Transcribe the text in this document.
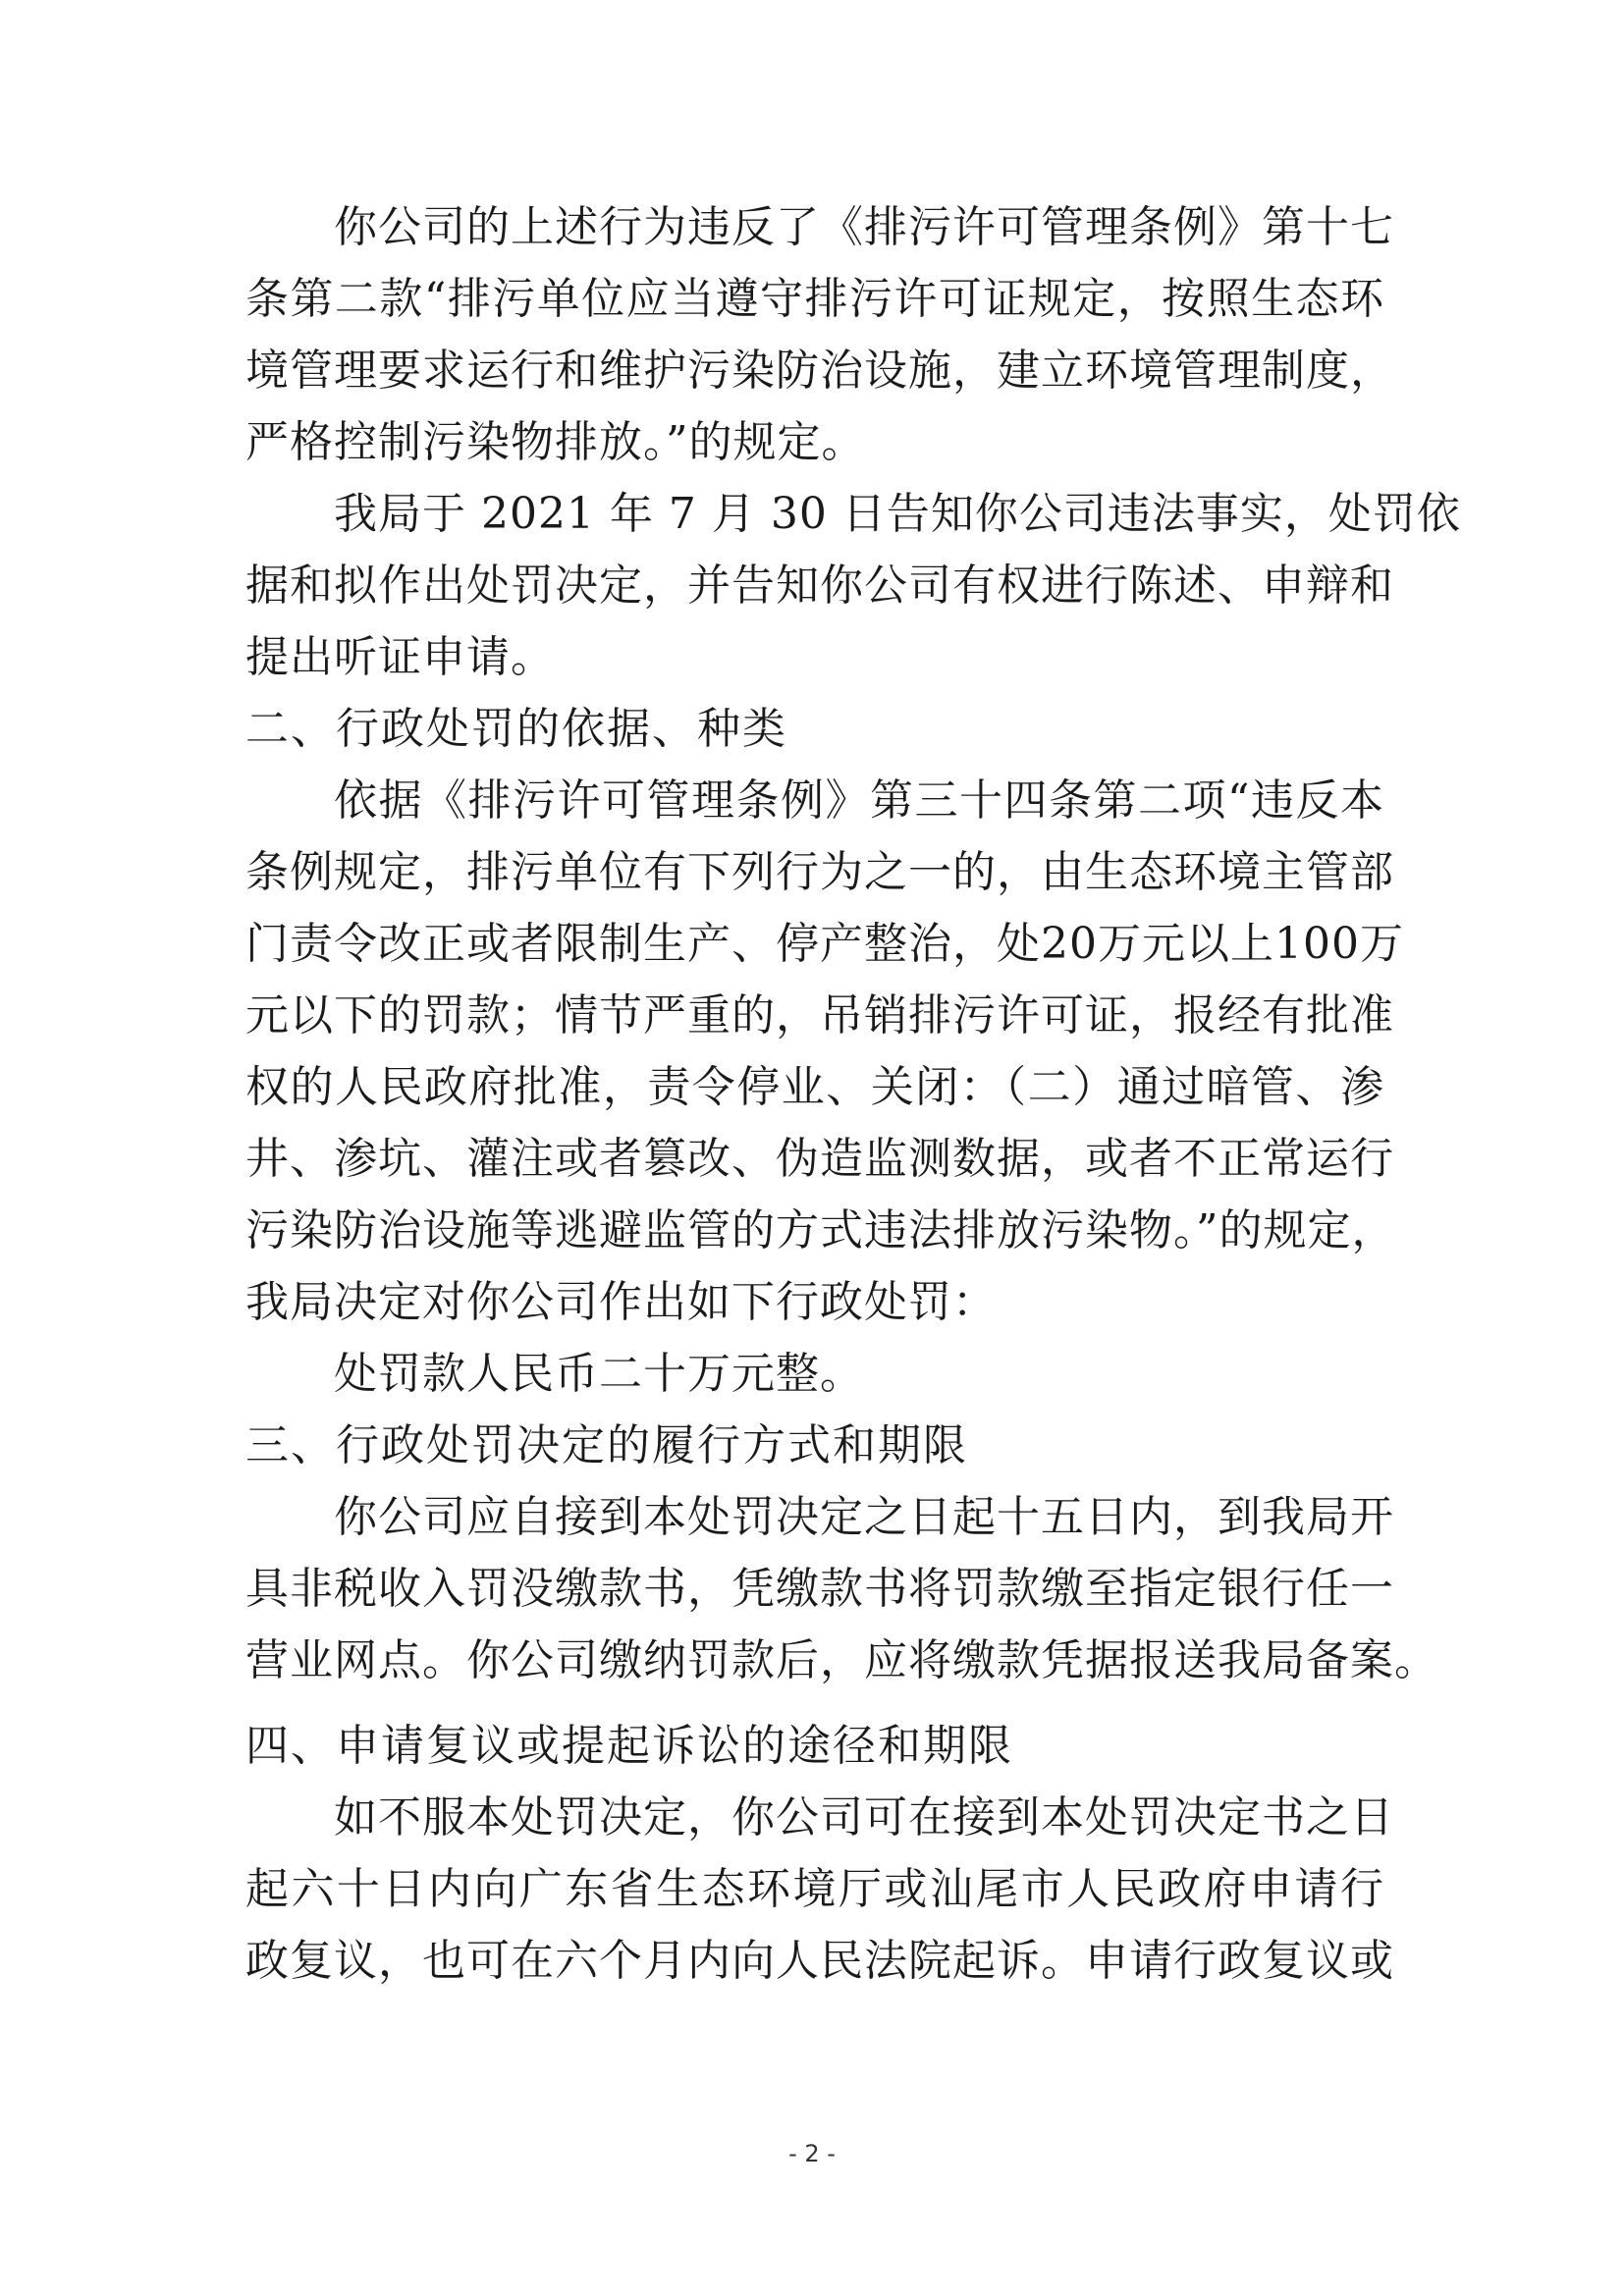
你公司的上述行为违反了《排污许可管理条例》第十七
条第二款“排污单位应当遵守排污许可证规定，按照生态环
境管理要求运行和维护污染防治设施，建立环境管理制度，
严格控制污染物排放。”的规定。
我局于 2021 年 7 月 30 日告知你公司违法事实，处罚依
据和拟作出处罚决定，并告知你公司有权进行陈述、申辩和
提出听证申请。
二、行政处罚的依据、种类
依据《排污许可管理条例》第三十四条第二项“违反本
条例规定，排污单位有下列行为之一的，由生态环境主管部
门责令改正或者限制生产、停产整治，处20万元以上100万
元以下的罚款；情节严重的，吊销排污许可证，报经有批准
权的人民政府批准，责令停业、关闭：（二）通过暗管、渗
井、渗坑、灌注或者篡改、伪造监测数据，或者不正常运行
污染防治设施等逃避监管的方式违法排放污染物。”的规定，
我局决定对你公司作出如下行政处罚：
处罚款人民币二十万元整。
三、行政处罚决定的履行方式和期限
你公司应自接到本处罚决定之日起十五日内，到我局开
具非税收入罚没缴款书，凭缴款书将罚款缴至指定银行任一
营业网点。你公司缴纳罚款后，应将缴款凭据报送我局备案。
四、申请复议或提起诉讼的途径和期限
如不服本处罚决定，你公司可在接到本处罚决定书之日
起六十日内向广东省生态环境厅或汕尾市人民政府申请行
政复议，也可在六个月内向人民法院起诉。申请行政复议或
- 2 -
